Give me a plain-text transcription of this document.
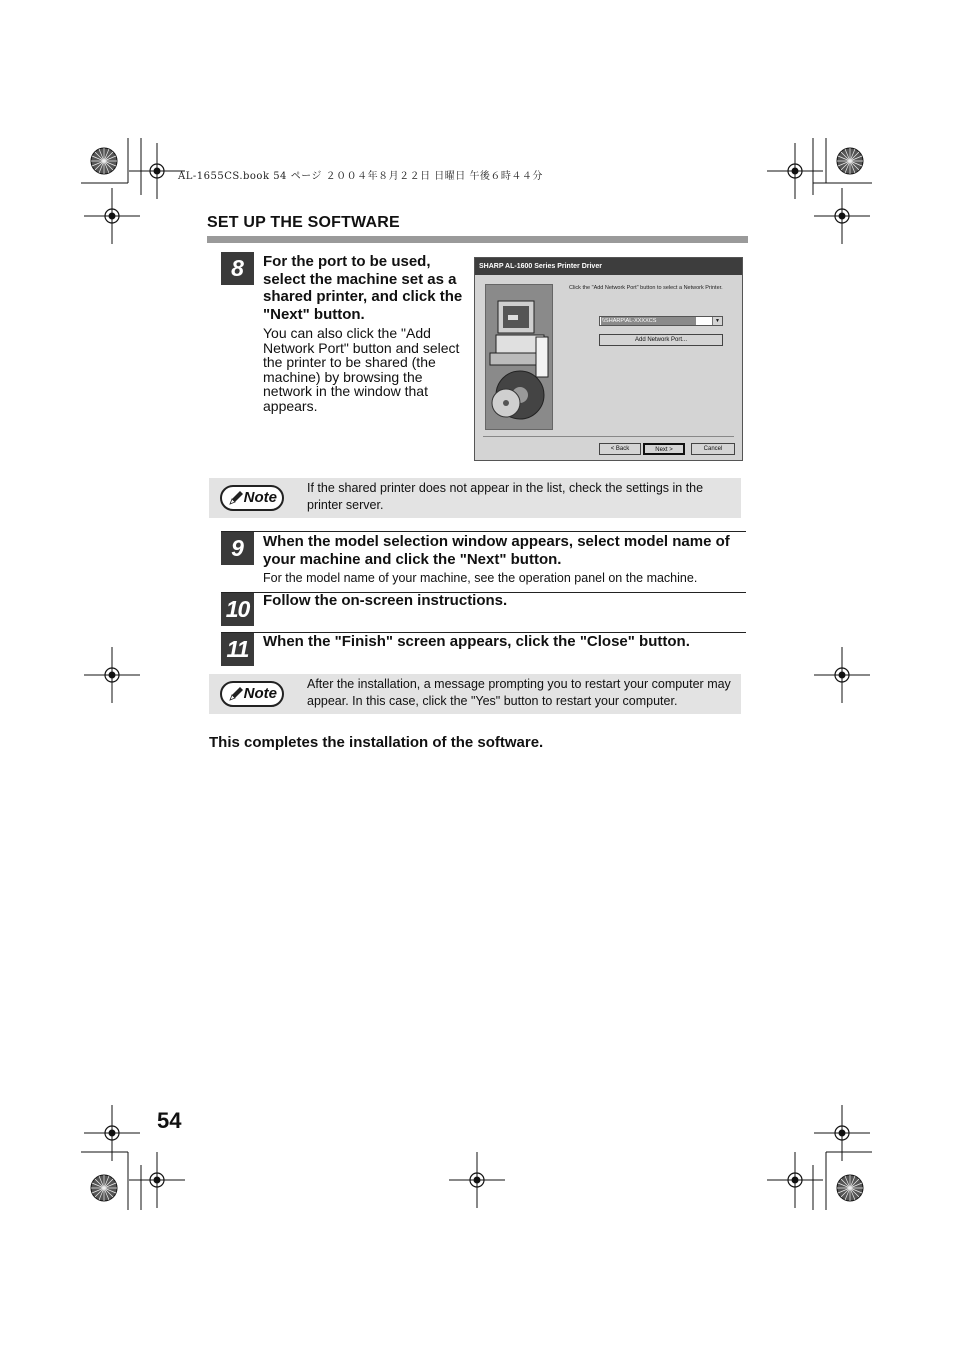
AL-1655CS.book 54 ページ ２００４年８月２２日 日曜日 午後６時４４分
SET UP THE SOFTWARE
8	For the port to be used, select the machine set as a shared printer, and click the "Next" button.
You can also click the "Add Network Port" button and select the printer to be shared (the machine) by browsing the network in the window that appears.
SHARP AL-1600 Series Printer Driver
Click the "Add Network Port" button to select a Network Printer.
\\SHARP\AL-XXXXCS	▼
Add Network Port...
< Back	Next >	Cancel
Note
If the shared printer does not appear in the list, check the settings in the printer server.
9	When the model selection window appears, select model name of your machine and click the "Next" button.
For the model name of your machine, see the operation panel on the machine.
10 Follow the on-screen instructions.
11 When the "Finish" screen appears, click the "Close" button.
Note
After the installation, a message prompting you to restart your computer may appear. In this case, click the "Yes" button to restart your computer.
This completes the installation of the software.
54
